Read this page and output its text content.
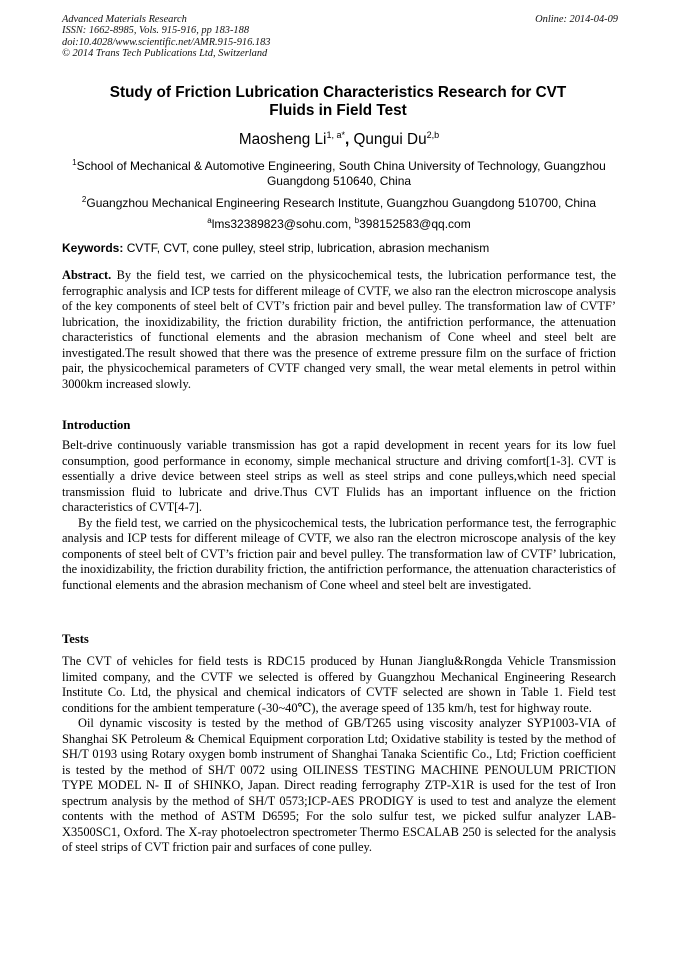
Advanced Materials Research
ISSN: 1662-8985, Vols. 915-916, pp 183-188
doi:10.4028/www.scientific.net/AMR.915-916.183
© 2014 Trans Tech Publications Ltd, Switzerland
Online: 2014-04-09
Study of Friction Lubrication Characteristics Research for CVT Fluids in Field Test
Maosheng $Li^{1, a*}$, Qungui Du$^{2,b}$
$^1$School of Mechanical & Automotive Engineering, South China University of Technology, Guangzhou Guangdong 510640, China
$^2$Guangzhou Mechanical Engineering Research Institute, Guangzhou Guangdong 510700, China
$^a$lms32389823@sohu.com, $^b$398152583@qq.com
Keywords: CVTF, CVT, cone pulley, steel strip, lubrication, abrasion mechanism

Abstract. By the field test, we carried on the physicochemical tests, the lubrication performance test, the ferrographic analysis and ICP tests for different mileage of CVTF, we also ran the electron microscope analysis of the key components of steel belt of CVT’s friction pair and bevel pulley. The transformation law of CVTF’ lubrication, the inoxidizability, the friction durability friction, the antifriction performance, the attenuation characteristics of functional elements and the abrasion mechanism of Cone wheel and steel belt are investigated.The result showed that there was the presence of extreme pressure film on the surface of friction pair, the physicochemical parameters of CVTF changed very small, the wear metal elements in petrol within 3000km increased slowly.

Introduction

Belt-drive continuously variable transmission has got a rapid development in recent years for its low fuel consumption, good performance in economy, simple mechanical structure and driving comfort[1-3]. CVT is essentially a drive device between steel strips as well as steel strips and cone pulleys,which need special transmission fluid to lubricate and drive.Thus CVT Flulids has an important influence on the friction characteristics of CVT[4-7].

By the field test, we carried on the physicochemical tests, the lubrication performance test, the ferrographic analysis and ICP tests for different mileage of CVTF, we also ran the electron microscope analysis of the key components of steel belt of CVT’s friction pair and bevel pulley. The transformation law of CVTF’ lubrication, the inoxidizability, the friction durability friction, the antifriction performance, the attenuation characteristics of functional elements and the abrasion mechanism of Cone wheel and steel belt are investigated.

Tests

The CVT of vehicles for field tests is RDC15 produced by Hunan Jianglu&Rongda Vehicle Transmission limited company, and the CVTF we selected is offered by Guangzhou Mechanical Engineering Research Institute Co. Ltd, the physical and chemical indicators of CVTF selected are shown in Table 1. Field test conditions for the ambient temperature (-30~40℃), the average speed of 135 km/h, test for highway route.

Oil dynamic viscosity is tested by the method of GB/T265 using viscosity analyzer SYP1003-VIA of Shanghai SK Petroleum & Chemical Equipment corporation Ltd; Oxidative stability is tested by the method of SH/T 0193 using Rotary oxygen bomb instrument of Shanghai Tanaka Scientific Co., Ltd; Friction coefficient is tested by the method of SH/T 0072 using OILINESS TESTING MACHINE PENOULUM PRICTION TYPE MODEL N- Ⅱ of SHINKO, Japan. Direct reading ferrography ZTP-X1R is used for the test of Iron spectrum analysis by the method of SH/T 0573;ICP-AES PRODIGY is used to test and analyze the element contents with the method of ASTM D6595; For the solo sulfur test, we picked sulfur analyzer LAB-X3500SC1, Oxford. The X-ray photoelectron spectrometer Thermo ESCALAB 250 is selected for the analysis of steel strips of CVT friction pair and surfaces of cone pulley.
